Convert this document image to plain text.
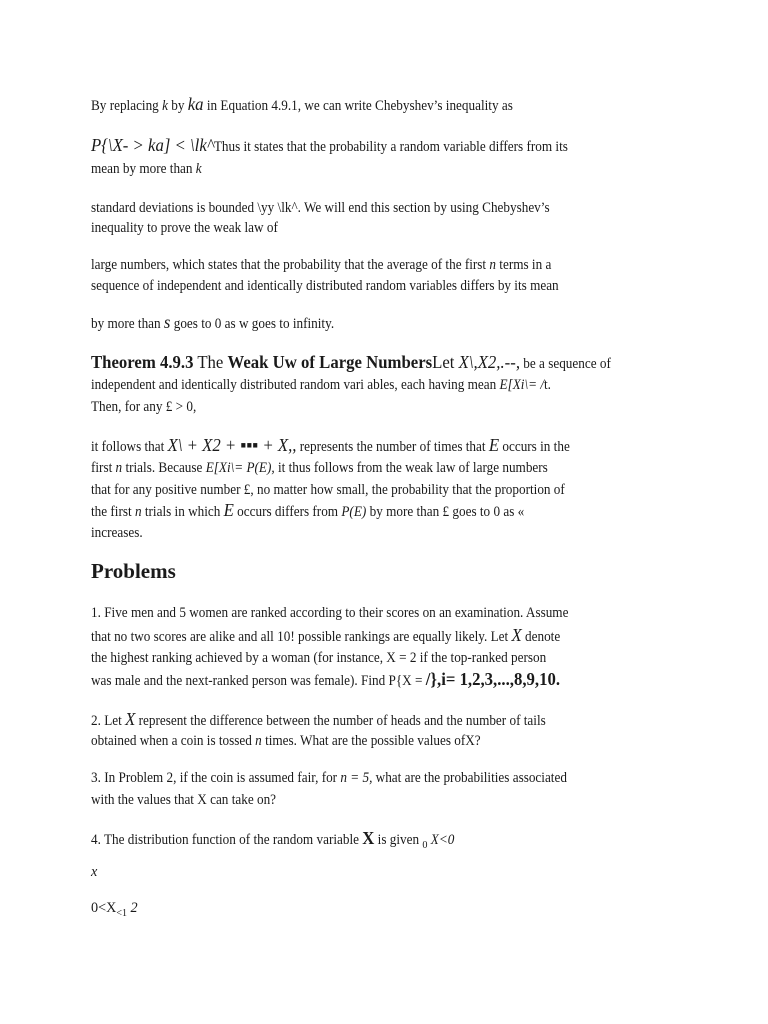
By replacing k by ka in Equation 4.9.1, we can write Chebyshev’s inequality as
P{\X- > ka] < \lk^Thus it states that the probability a random variable differs from its
mean by more than k
standard deviations is bounded \yy \lk^. We will end this section by using Chebyshev’s
inequality to prove the weak law of
large numbers, which states that the probability that the average of the first n terms in a
sequence of independent and identically distributed random variables differs by its mean
by more than s goes to 0 as w goes to infinity.
Theorem 4.9.3 The Weak Uw of Large NumbersLet X\,X2,.--, be a sequence of
independent and identically distributed random vari ables, each having mean E[Xi\= /t.
Then, for any £ > 0,
it follows that X\ + X2 + ▪▪▪ + X,, represents the number of times that E occurs in the
first n trials. Because E[Xi\= P(E), it thus follows from the weak law of large numbers
that for any positive number £, no matter how small, the probability that the proportion of
the first n trials in which E occurs differs from P(E) by more than £ goes to 0 as «
increases.
Problems
1. Five men and 5 women are ranked according to their scores on an examination. Assume
that no two scores are alike and all 10! possible rankings are equally likely. Let X denote
the highest ranking achieved by a woman (for instance, X = 2 if the top-ranked person
was male and the next-ranked person was female). Find P{X = /},i= 1,2,3,...,8,9,10.
2. Let X represent the difference between the number of heads and the number of tails
obtained when a coin is tossed n times. What are the possible values ofX?
3. In Problem 2, if the coin is assumed fair, for n = 5, what are the probabilities associated
with the values that X can take on?
4. The distribution function of the random variable X is given $_0$ X<0
x
$0<X_{<1}$ 2
